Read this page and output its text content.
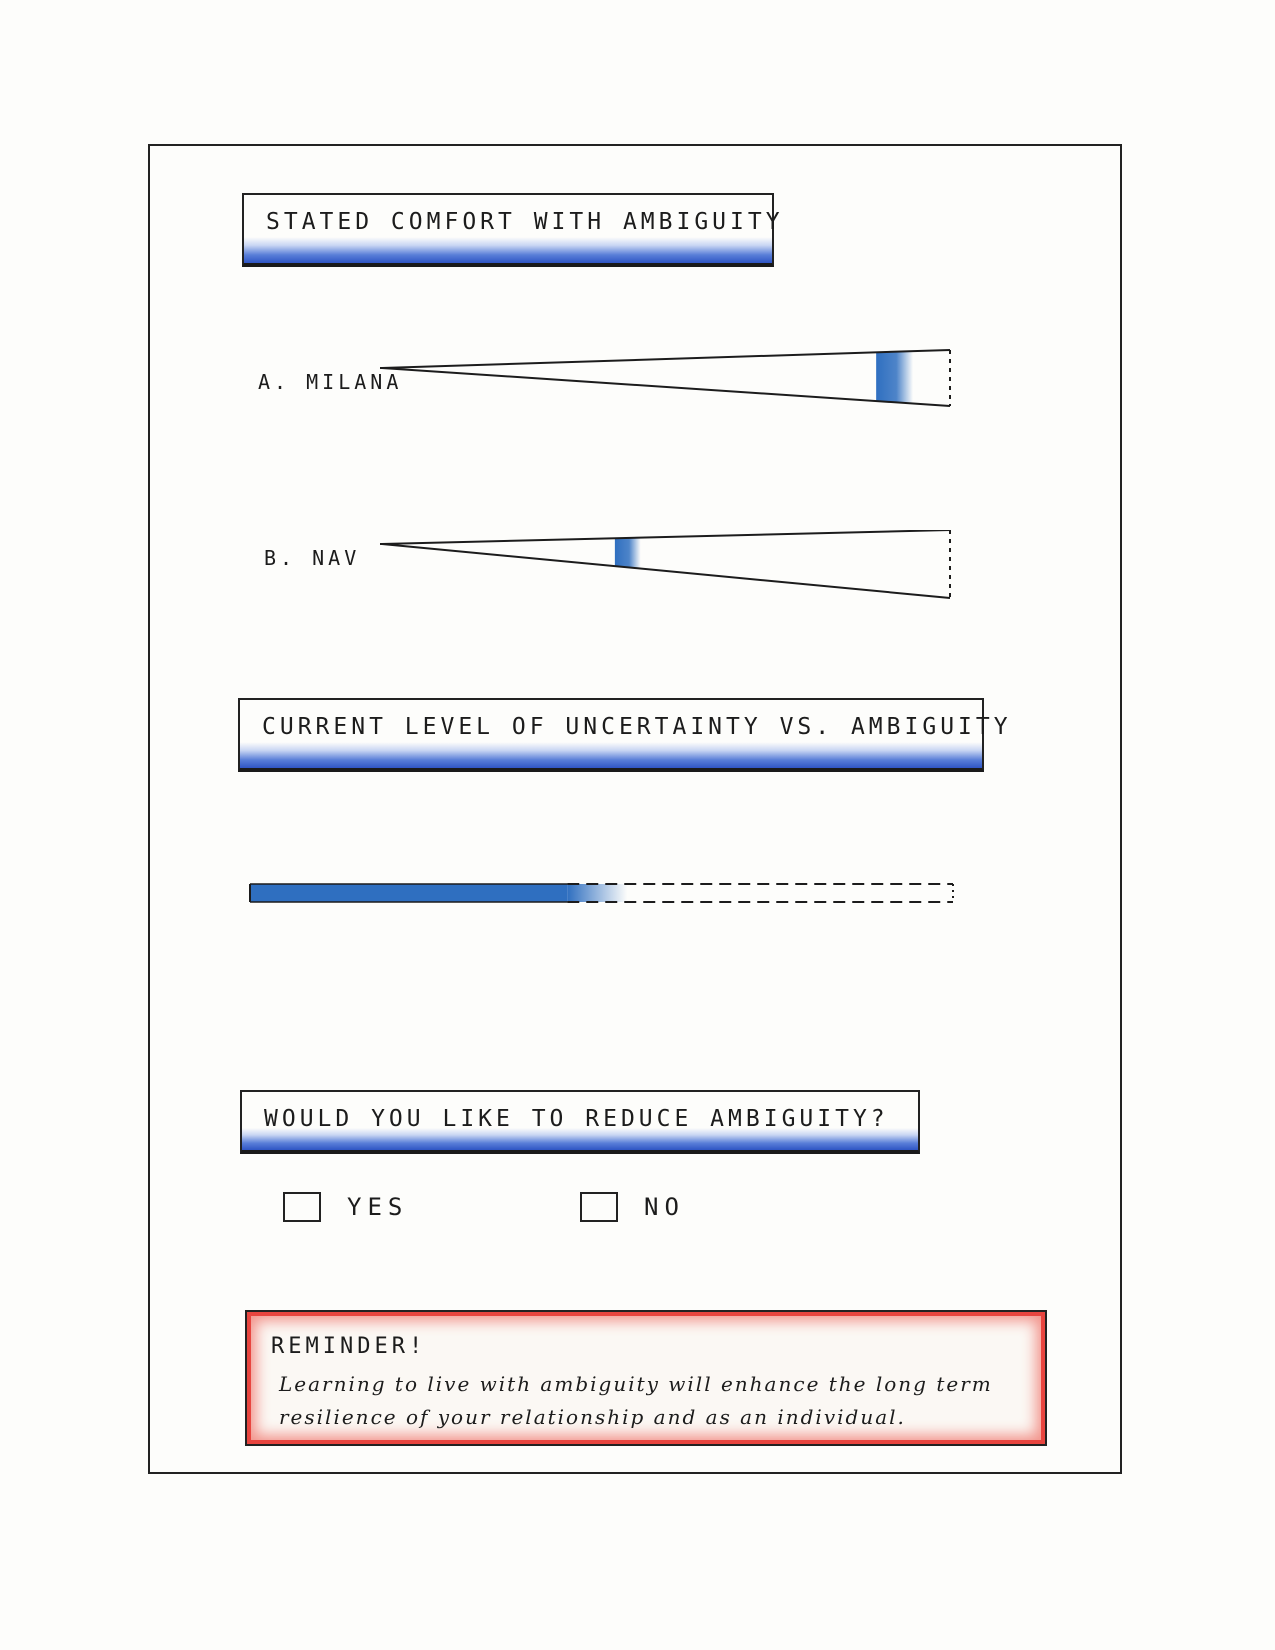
STATED COMFORT WITH AMBIGUITY
A. MILANA
B. NAV
CURRENT LEVEL OF UNCERTAINTY VS. AMBIGUITY
WOULD YOU LIKE TO REDUCE AMBIGUITY?
YES	NO
REMINDER!
Learning to live with ambiguity will enhance the long term
resilience of your relationship and as an individual.
